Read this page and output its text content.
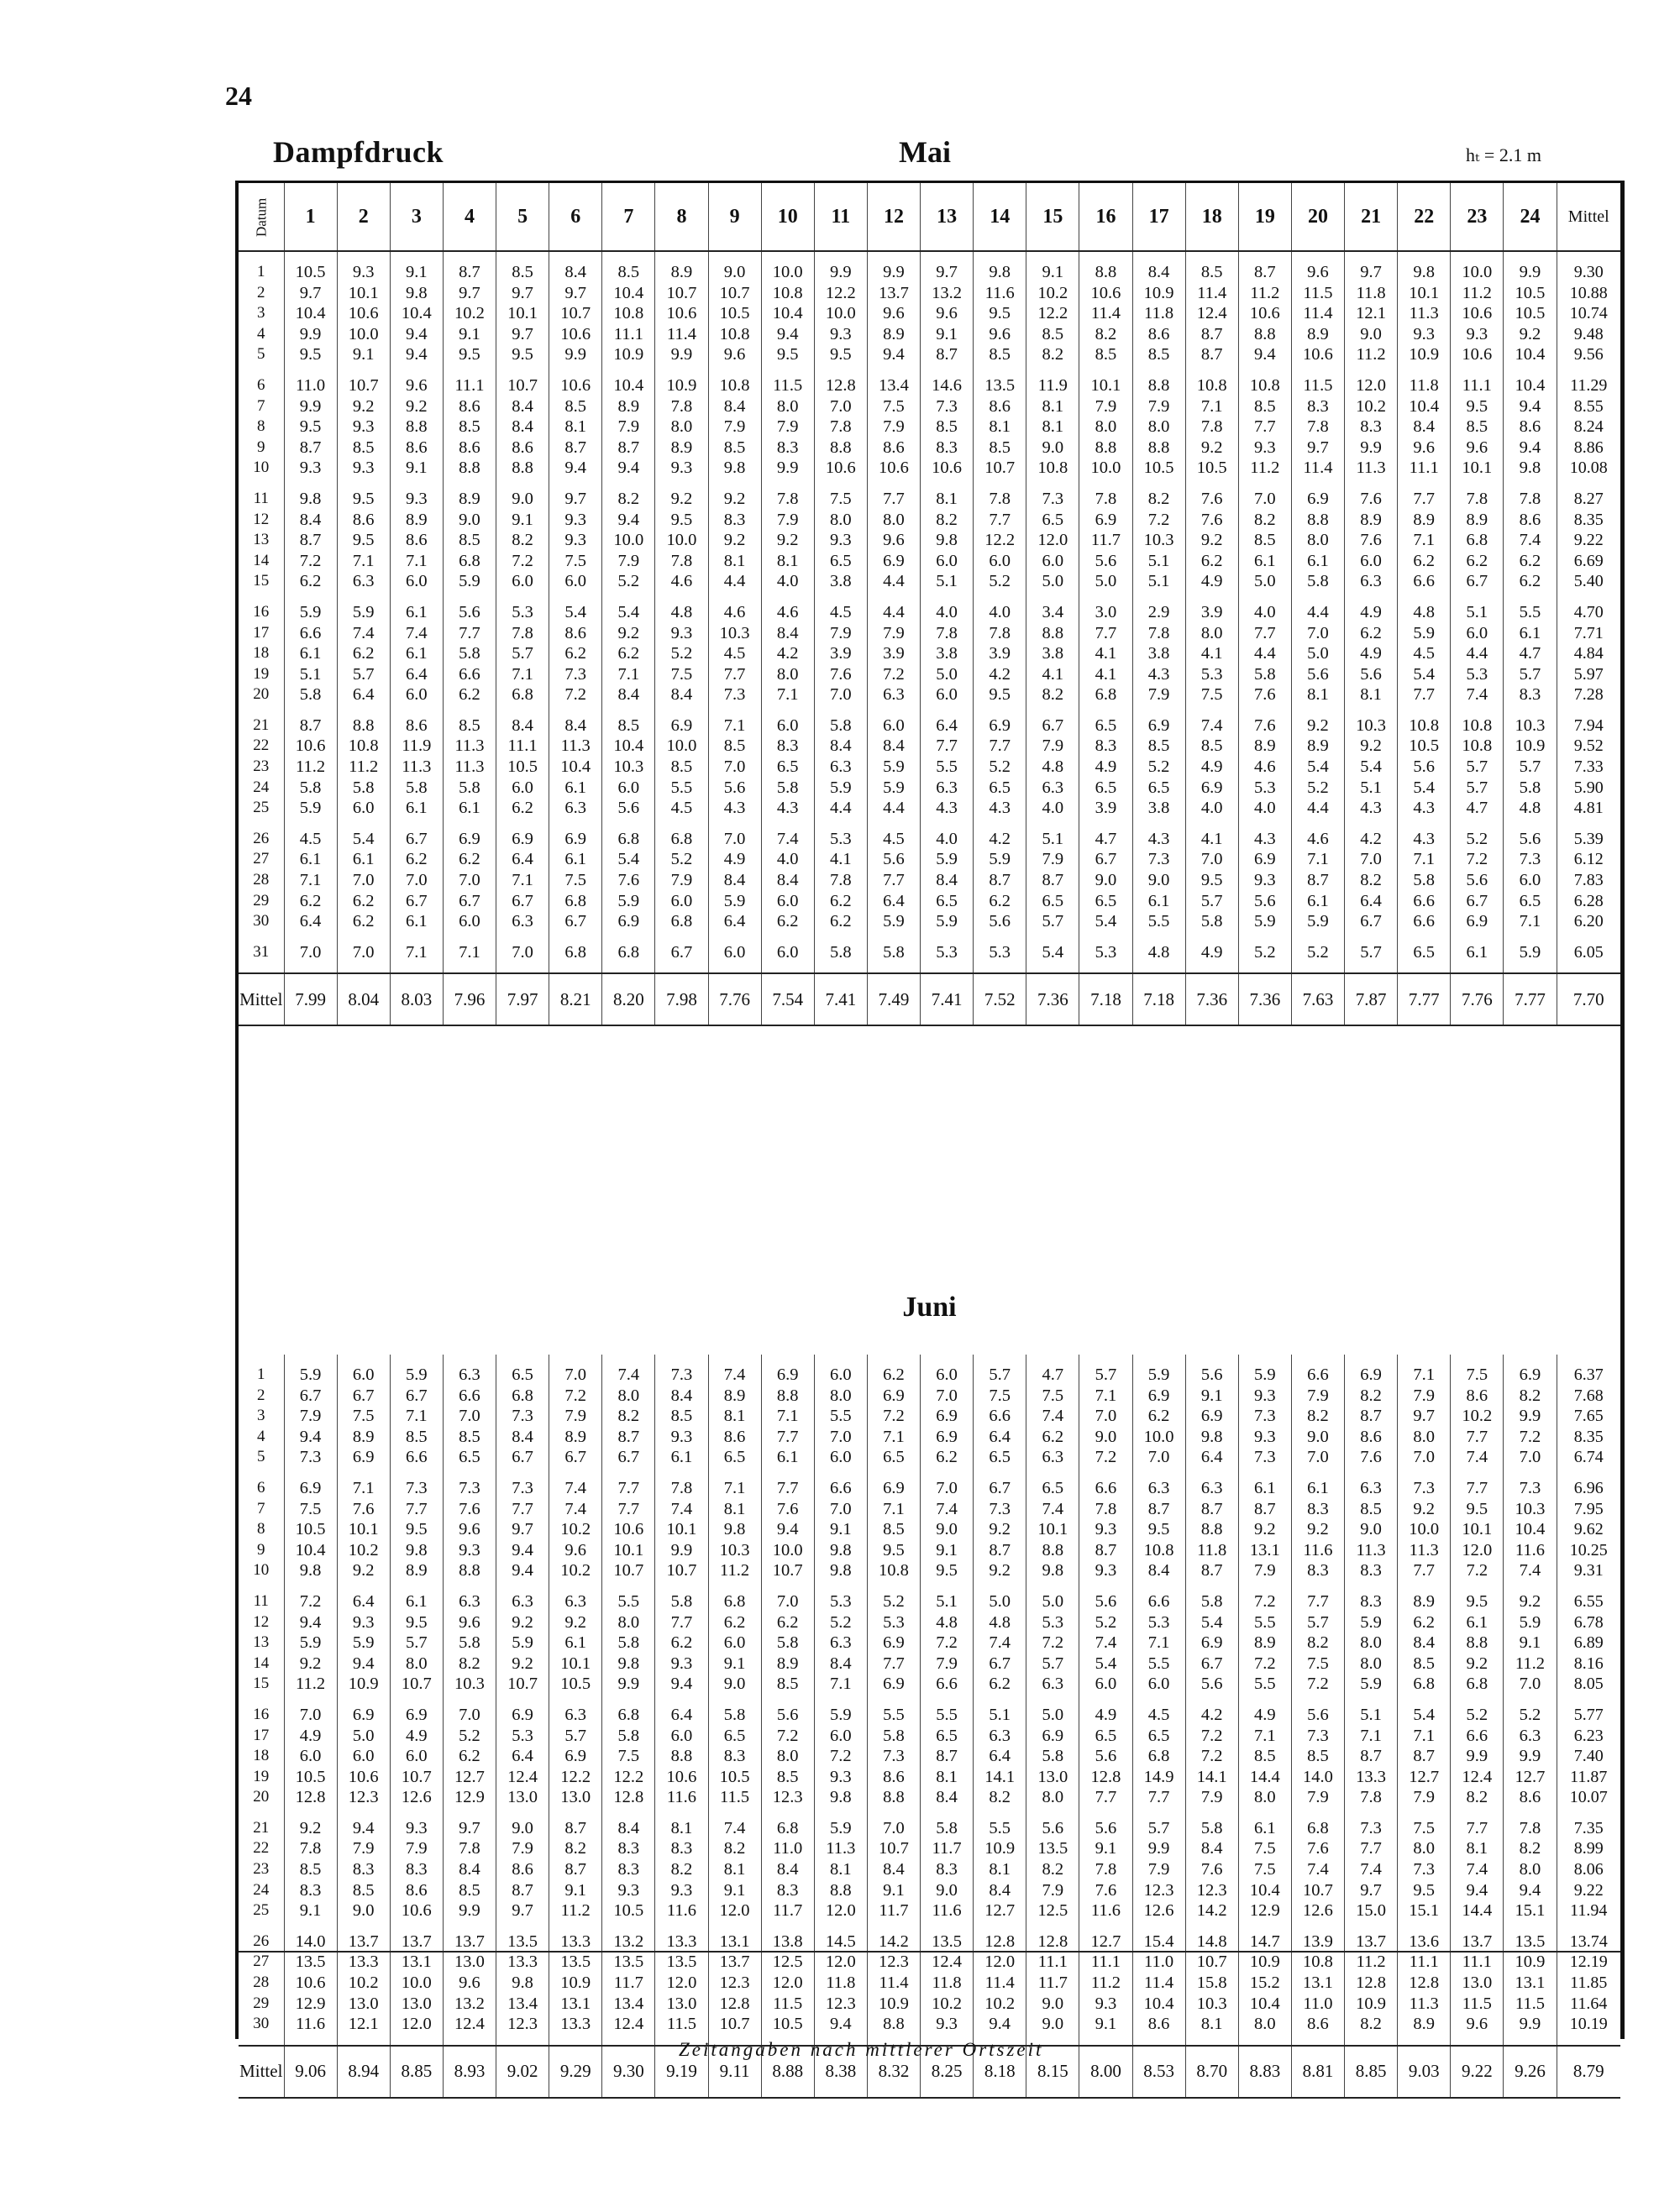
24
Dampfdruck	Mai	hₜ = 2.1 m
Datum	1	2	3	4	5	6	7	8	9	10	11	12	13	14	15	16	17	18	19	20	21	22	23	24	Mittel

1	10.5	9.3	9.1	8.7	8.5	8.4	8.5	8.9	9.0	10.0	9.9	9.9	9.7	9.8	9.1	8.8	8.4	8.5	8.7	9.6	9.7	9.8	10.0	9.9	9.30
2	9.7	10.1	9.8	9.7	9.7	9.7	10.4	10.7	10.7	10.8	12.2	13.7	13.2	11.6	10.2	10.6	10.9	11.4	11.2	11.5	11.8	10.1	11.2	10.5	10.88
3	10.4	10.6	10.4	10.2	10.1	10.7	10.8	10.6	10.5	10.4	10.0	9.6	9.6	9.5	12.2	11.4	11.8	12.4	10.6	11.4	12.1	11.3	10.6	10.5	10.74
4	9.9	10.0	9.4	9.1	9.7	10.6	11.1	11.4	10.8	9.4	9.3	8.9	9.1	9.6	8.5	8.2	8.6	8.7	8.8	8.9	9.0	9.3	9.3	9.2	9.48
5	9.5	9.1	9.4	9.5	9.5	9.9	10.9	9.9	9.6	9.5	9.5	9.4	8.7	8.5	8.2	8.5	8.5	8.7	9.4	10.6	11.2	10.9	10.6	10.4	9.56

6	11.0	10.7	9.6	11.1	10.7	10.6	10.4	10.9	10.8	11.5	12.8	13.4	14.6	13.5	11.9	10.1	8.8	10.8	10.8	11.5	12.0	11.8	11.1	10.4	11.29
7	9.9	9.2	9.2	8.6	8.4	8.5	8.9	7.8	8.4	8.0	7.0	7.5	7.3	8.6	8.1	7.9	7.9	7.1	8.5	8.3	10.2	10.4	9.5	9.4	8.55
8	9.5	9.3	8.8	8.5	8.4	8.1	7.9	8.0	7.9	7.9	7.8	7.9	8.5	8.1	8.1	8.0	8.0	7.8	7.7	7.8	8.3	8.4	8.5	8.6	8.24
9	8.7	8.5	8.6	8.6	8.6	8.7	8.7	8.9	8.5	8.3	8.8	8.6	8.3	8.5	9.0	8.8	8.8	9.2	9.3	9.7	9.9	9.6	9.6	9.4	8.86
10	9.3	9.3	9.1	8.8	8.8	9.4	9.4	9.3	9.8	9.9	10.6	10.6	10.6	10.7	10.8	10.0	10.5	10.5	11.2	11.4	11.3	11.1	10.1	9.8	10.08

11	9.8	9.5	9.3	8.9	9.0	9.7	8.2	9.2	9.2	7.8	7.5	7.7	8.1	7.8	7.3	7.8	8.2	7.6	7.0	6.9	7.6	7.7	7.8	7.8	8.27
12	8.4	8.6	8.9	9.0	9.1	9.3	9.4	9.5	8.3	7.9	8.0	8.0	8.2	7.7	6.5	6.9	7.2	7.6	8.2	8.8	8.9	8.9	8.9	8.6	8.35
13	8.7	9.5	8.6	8.5	8.2	9.3	10.0	10.0	9.2	9.2	9.3	9.6	9.8	12.2	12.0	11.7	10.3	9.2	8.5	8.0	7.6	7.1	6.8	7.4	9.22
14	7.2	7.1	7.1	6.8	7.2	7.5	7.9	7.8	8.1	8.1	6.5	6.9	6.0	6.0	6.0	5.6	5.1	6.2	6.1	6.1	6.0	6.2	6.2	6.2	6.69
15	6.2	6.3	6.0	5.9	6.0	6.0	5.2	4.6	4.4	4.0	3.8	4.4	5.1	5.2	5.0	5.0	5.1	4.9	5.0	5.8	6.3	6.6	6.7	6.2	5.40

16	5.9	5.9	6.1	5.6	5.3	5.4	5.4	4.8	4.6	4.6	4.5	4.4	4.0	4.0	3.4	3.0	2.9	3.9	4.0	4.4	4.9	4.8	5.1	5.5	4.70
17	6.6	7.4	7.4	7.7	7.8	8.6	9.2	9.3	10.3	8.4	7.9	7.9	7.8	7.8	8.8	7.7	7.8	8.0	7.7	7.0	6.2	5.9	6.0	6.1	7.71
18	6.1	6.2	6.1	5.8	5.7	6.2	6.2	5.2	4.5	4.2	3.9	3.9	3.8	3.9	3.8	4.1	3.8	4.1	4.4	5.0	4.9	4.5	4.4	4.7	4.84
19	5.1	5.7	6.4	6.6	7.1	7.3	7.1	7.5	7.7	8.0	7.6	7.2	5.0	4.2	4.1	4.1	4.3	5.3	5.8	5.6	5.6	5.4	5.3	5.7	5.97
20	5.8	6.4	6.0	6.2	6.8	7.2	8.4	8.4	7.3	7.1	7.0	6.3	6.0	9.5	8.2	6.8	7.9	7.5	7.6	8.1	8.1	7.7	7.4	8.3	7.28

21	8.7	8.8	8.6	8.5	8.4	8.4	8.5	6.9	7.1	6.0	5.8	6.0	6.4	6.9	6.7	6.5	6.9	7.4	7.6	9.2	10.3	10.8	10.8	10.3	7.94
22	10.6	10.8	11.9	11.3	11.1	11.3	10.4	10.0	8.5	8.3	8.4	8.4	7.7	7.7	7.9	8.3	8.5	8.5	8.9	8.9	9.2	10.5	10.8	10.9	9.52
23	11.2	11.2	11.3	11.3	10.5	10.4	10.3	8.5	7.0	6.5	6.3	5.9	5.5	5.2	4.8	4.9	5.2	4.9	4.6	5.4	5.4	5.6	5.7	5.7	7.33
24	5.8	5.8	5.8	5.8	6.0	6.1	6.0	5.5	5.6	5.8	5.9	5.9	6.3	6.5	6.3	6.5	6.5	6.9	5.3	5.2	5.1	5.4	5.7	5.8	5.90
25	5.9	6.0	6.1	6.1	6.2	6.3	5.6	4.5	4.3	4.3	4.4	4.4	4.3	4.3	4.0	3.9	3.8	4.0	4.0	4.4	4.3	4.3	4.7	4.8	4.81

26	4.5	5.4	6.7	6.9	6.9	6.9	6.8	6.8	7.0	7.4	5.3	4.5	4.0	4.2	5.1	4.7	4.3	4.1	4.3	4.6	4.2	4.3	5.2	5.6	5.39
27	6.1	6.1	6.2	6.2	6.4	6.1	5.4	5.2	4.9	4.0	4.1	5.6	5.9	5.9	7.9	6.7	7.3	7.0	6.9	7.1	7.0	7.1	7.2	7.3	6.12
28	7.1	7.0	7.0	7.0	7.1	7.5	7.6	7.9	8.4	8.4	7.8	7.7	8.4	8.7	8.7	9.0	9.0	9.5	9.3	8.7	8.2	5.8	5.6	6.0	7.83
29	6.2	6.2	6.7	6.7	6.7	6.8	5.9	6.0	5.9	6.0	6.2	6.4	6.5	6.2	6.5	6.5	6.1	5.7	5.6	6.1	6.4	6.6	6.7	6.5	6.28
30	6.4	6.2	6.1	6.0	6.3	6.7	6.9	6.8	6.4	6.2	6.2	5.9	5.9	5.6	5.7	5.4	5.5	5.8	5.9	5.9	6.7	6.6	6.9	7.1	6.20

31	7.0	7.0	7.1	7.1	7.0	6.8	6.8	6.7	6.0	6.0	5.8	5.8	5.3	5.3	5.4	5.3	4.8	4.9	5.2	5.2	5.7	6.5	6.1	5.9	6.05

Mittel	7.99	8.04	8.03	7.96	7.97	8.21	8.20	7.98	7.76	7.54	7.41	7.49	7.41	7.52	7.36	7.18	7.18	7.36	7.36	7.63	7.87	7.77	7.76	7.77	7.70
Juni

1	5.9	6.0	5.9	6.3	6.5	7.0	7.4	7.3	7.4	6.9	6.0	6.2	6.0	5.7	4.7	5.7	5.9	5.6	5.9	6.6	6.9	7.1	7.5	6.9	6.37
2	6.7	6.7	6.7	6.6	6.8	7.2	8.0	8.4	8.9	8.8	8.0	6.9	7.0	7.5	7.5	7.1	6.9	9.1	9.3	7.9	8.2	7.9	8.6	8.2	7.68
3	7.9	7.5	7.1	7.0	7.3	7.9	8.2	8.5	8.1	7.1	5.5	7.2	6.9	6.6	7.4	7.0	6.2	6.9	7.3	8.2	8.7	9.7	10.2	9.9	7.65
4	9.4	8.9	8.5	8.5	8.4	8.9	8.7	9.3	8.6	7.7	7.0	7.1	6.9	6.4	6.2	9.0	10.0	9.8	9.3	9.0	8.6	8.0	7.7	7.2	8.35
5	7.3	6.9	6.6	6.5	6.7	6.7	6.7	6.1	6.5	6.1	6.0	6.5	6.2	6.5	6.3	7.2	7.0	6.4	7.3	7.0	7.6	7.0	7.4	7.0	6.74

6	6.9	7.1	7.3	7.3	7.3	7.4	7.7	7.8	7.1	7.7	6.6	6.9	7.0	6.7	6.5	6.6	6.3	6.3	6.1	6.1	6.3	7.3	7.7	7.3	6.96
7	7.5	7.6	7.7	7.6	7.7	7.4	7.7	7.4	8.1	7.6	7.0	7.1	7.4	7.3	7.4	7.8	8.7	8.7	8.7	8.3	8.5	9.2	9.5	10.3	7.95
8	10.5	10.1	9.5	9.6	9.7	10.2	10.6	10.1	9.8	9.4	9.1	8.5	9.0	9.2	10.1	9.3	9.5	8.8	9.2	9.2	9.0	10.0	10.1	10.4	9.62
9	10.4	10.2	9.8	9.3	9.4	9.6	10.1	9.9	10.3	10.0	9.8	9.5	9.1	8.7	8.8	8.7	10.8	11.8	13.1	11.6	11.3	11.3	12.0	11.6	10.25
10	9.8	9.2	8.9	8.8	9.4	10.2	10.7	10.7	11.2	10.7	9.8	10.8	9.5	9.2	9.8	9.3	8.4	8.7	7.9	8.3	8.3	7.7	7.2	7.4	9.31

11	7.2	6.4	6.1	6.3	6.3	6.3	5.5	5.8	6.8	7.0	5.3	5.2	5.1	5.0	5.0	5.6	6.6	5.8	7.2	7.7	8.3	8.9	9.5	9.2	6.55
12	9.4	9.3	9.5	9.6	9.2	9.2	8.0	7.7	6.2	6.2	5.2	5.3	4.8	4.8	5.3	5.2	5.3	5.4	5.5	5.7	5.9	6.2	6.1	5.9	6.78
13	5.9	5.9	5.7	5.8	5.9	6.1	5.8	6.2	6.0	5.8	6.3	6.9	7.2	7.4	7.2	7.4	7.1	6.9	8.9	8.2	8.0	8.4	8.8	9.1	6.89
14	9.2	9.4	8.0	8.2	9.2	10.1	9.8	9.3	9.1	8.9	8.4	7.7	7.9	6.7	5.7	5.4	5.5	6.7	7.2	7.5	8.0	8.5	9.2	11.2	8.16
15	11.2	10.9	10.7	10.3	10.7	10.5	9.9	9.4	9.0	8.5	7.1	6.9	6.6	6.2	6.3	6.0	6.0	5.6	5.5	7.2	5.9	6.8	6.8	7.0	8.05

16	7.0	6.9	6.9	7.0	6.9	6.3	6.8	6.4	5.8	5.6	5.9	5.5	5.5	5.1	5.0	4.9	4.5	4.2	4.9	5.6	5.1	5.4	5.2	5.2	5.77
17	4.9	5.0	4.9	5.2	5.3	5.7	5.8	6.0	6.5	7.2	6.0	5.8	6.5	6.3	6.9	6.5	6.5	7.2	7.1	7.3	7.1	7.1	6.6	6.3	6.23
18	6.0	6.0	6.0	6.2	6.4	6.9	7.5	8.8	8.3	8.0	7.2	7.3	8.7	6.4	5.8	5.6	6.8	7.2	8.5	8.5	8.7	8.7	9.9	9.9	7.40
19	10.5	10.6	10.7	12.7	12.4	12.2	12.2	10.6	10.5	8.5	9.3	8.6	8.1	14.1	13.0	12.8	14.9	14.1	14.4	14.0	13.3	12.7	12.4	12.7	11.87
20	12.8	12.3	12.6	12.9	13.0	13.0	12.8	11.6	11.5	12.3	9.8	8.8	8.4	8.2	8.0	7.7	7.7	7.9	8.0	7.9	7.8	7.9	8.2	8.6	10.07

21	9.2	9.4	9.3	9.7	9.0	8.7	8.4	8.1	7.4	6.8	5.9	7.0	5.8	5.5	5.6	5.6	5.7	5.8	6.1	6.8	7.3	7.5	7.7	7.8	7.35
22	7.8	7.9	7.9	7.8	7.9	8.2	8.3	8.3	8.2	11.0	11.3	10.7	11.7	10.9	13.5	9.1	9.9	8.4	7.5	7.6	7.7	8.0	8.1	8.2	8.99
23	8.5	8.3	8.3	8.4	8.6	8.7	8.3	8.2	8.1	8.4	8.1	8.4	8.3	8.1	8.2	7.8	7.9	7.6	7.5	7.4	7.4	7.3	7.4	8.0	8.06
24	8.3	8.5	8.6	8.5	8.7	9.1	9.3	9.3	9.1	8.3	8.8	9.1	9.0	8.4	7.9	7.6	12.3	12.3	10.4	10.7	9.7	9.5	9.4	9.4	9.22
25	9.1	9.0	10.6	9.9	9.7	11.2	10.5	11.6	12.0	11.7	12.0	11.7	11.6	12.7	12.5	11.6	12.6	14.2	12.9	12.6	15.0	15.1	14.4	15.1	11.94

26	14.0	13.7	13.7	13.7	13.5	13.3	13.2	13.3	13.1	13.8	14.5	14.2	13.5	12.8	12.8	12.7	15.4	14.8	14.7	13.9	13.7	13.6	13.7	13.5	13.74
27	13.5	13.3	13.1	13.0	13.3	13.5	13.5	13.5	13.7	12.5	12.0	12.3	12.4	12.0	11.1	11.1	11.0	10.7	10.9	10.8	11.2	11.1	11.1	10.9	12.19
28	10.6	10.2	10.0	9.6	9.8	10.9	11.7	12.0	12.3	12.0	11.8	11.4	11.8	11.4	11.7	11.2	11.4	15.8	15.2	13.1	12.8	12.8	13.0	13.1	11.85
29	12.9	13.0	13.0	13.2	13.4	13.1	13.4	13.0	12.8	11.5	12.3	10.9	10.2	10.2	9.0	9.3	10.4	10.3	10.4	11.0	10.9	11.3	11.5	11.5	11.64
30	11.6	12.1	12.0	12.4	12.3	13.3	12.4	11.5	10.7	10.5	9.4	8.8	9.3	9.4	9.0	9.1	8.6	8.1	8.0	8.6	8.2	8.9	9.6	9.9	10.19

Mittel	9.06	8.94	8.85	8.93	9.02	9.29	9.30	9.19	9.11	8.88	8.38	8.32	8.25	8.18	8.15	8.00	8.53	8.70	8.83	8.81	8.85	9.03	9.22	9.26	8.79
Zeitangaben nach mittlerer Ortszeit
